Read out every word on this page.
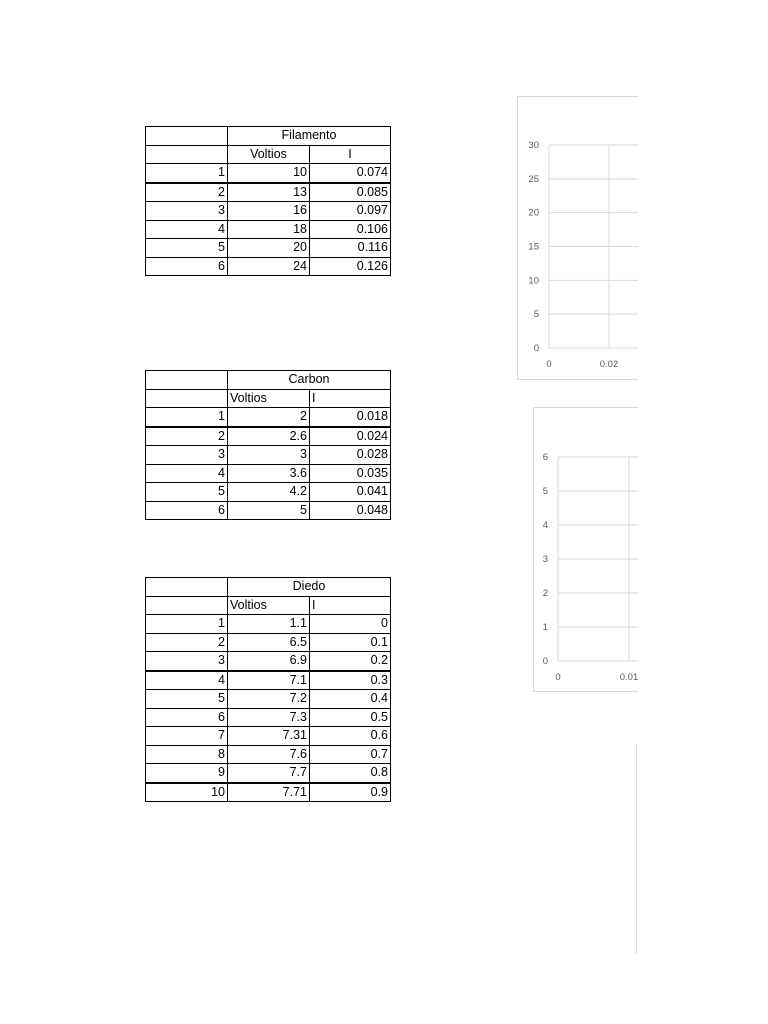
	Filamento	
	Voltios	I
1	10	0.074
2	13	0.085
3	16	0.097
4	18	0.106
5	20	0.116
6	24	0.126
	Carbon	
	Voltios	I
1	2	0.018
2	2.6	0.024
3	3	0.028
4	3.6	0.035
5	4.2	0.041
6	5	0.048
	Diedo	
	Voltios	I
1	1.1	0
2	6.5	0.1
3	6.9	0.2
4	7.1	0.3
5	7.2	0.4
6	7.3	0.5
7	7.31	0.6
8	7.6	0.7
9	7.7	0.8
10	7.71	0.9
30
25
20
15
10
5
0
0	0.02
6
5
4
3
2
1
0
0	0.01
